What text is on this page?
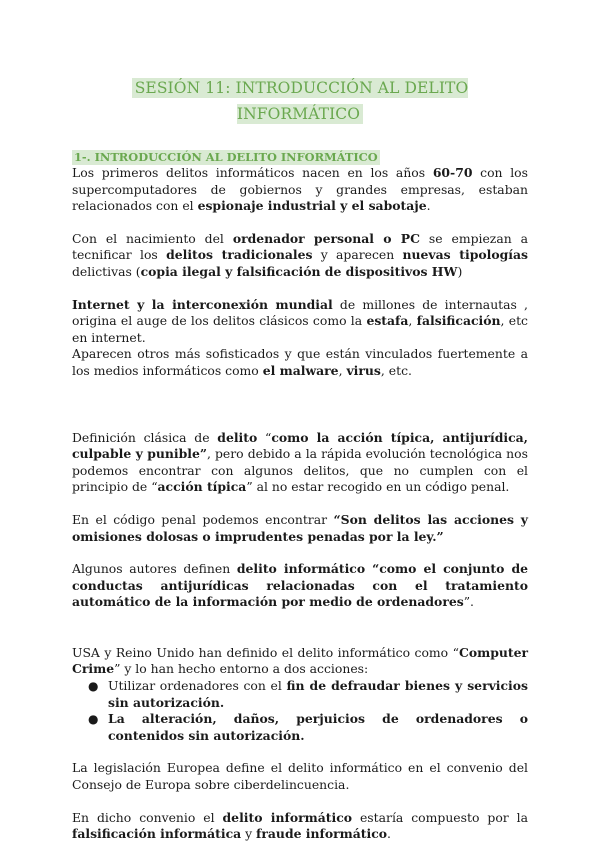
SESIÓN 11: INTRODUCCIÓN AL DELITO INFORMÁTICO
1-. INTRODUCCIÓN AL DELITO INFORMÁTICO

Los primeros delitos informáticos nacen en los años 60-70 con los supercomputadores de gobiernos y grandes empresas, estaban relacionados con el espionaje industrial y el sabotaje.

Con el nacimiento del ordenador personal o PC se empiezan a tecnificar los delitos tradicionales y aparecen nuevas tipologías delictivas (copia ilegal y falsificación de dispositivos HW)

Internet y la interconexión mundial de millones de internautas , origina el auge de los delitos clásicos como la estafa, falsificación, etc en internet.

Aparecen otros más sofisticados y que están vinculados fuertemente a los medios informáticos como el malware, virus, etc.

Definición clásica de delito “como la acción típica, antijurídica, culpable y punible”, pero debido a la rápida evolución tecnológica nos podemos encontrar con algunos delitos, que no cumplen con el principio de “acción típica” al no estar recogido en un código penal.

En el código penal podemos encontrar “Son delitos las acciones y omisiones dolosas o imprudentes penadas por la ley.”

Algunos autores definen delito informático “como el conjunto de conductas antijurídicas relacionadas con el tratamiento automático de la información por medio de ordenadores”.

USA y Reino Unido han definido el delito informático como “Computer Crime” y lo han hecho entorno a dos acciones:

● Utilizar ordenadores con el fin de defraudar bienes y servicios sin autorización.
● La alteración, daños, perjuicios de ordenadores o contenidos sin autorización.

La legislación Europea define el delito informático en el convenio del Consejo de Europa sobre ciberdelincuencia.

En dicho convenio el delito informático estaría compuesto por la falsificación informática y fraude informático.
